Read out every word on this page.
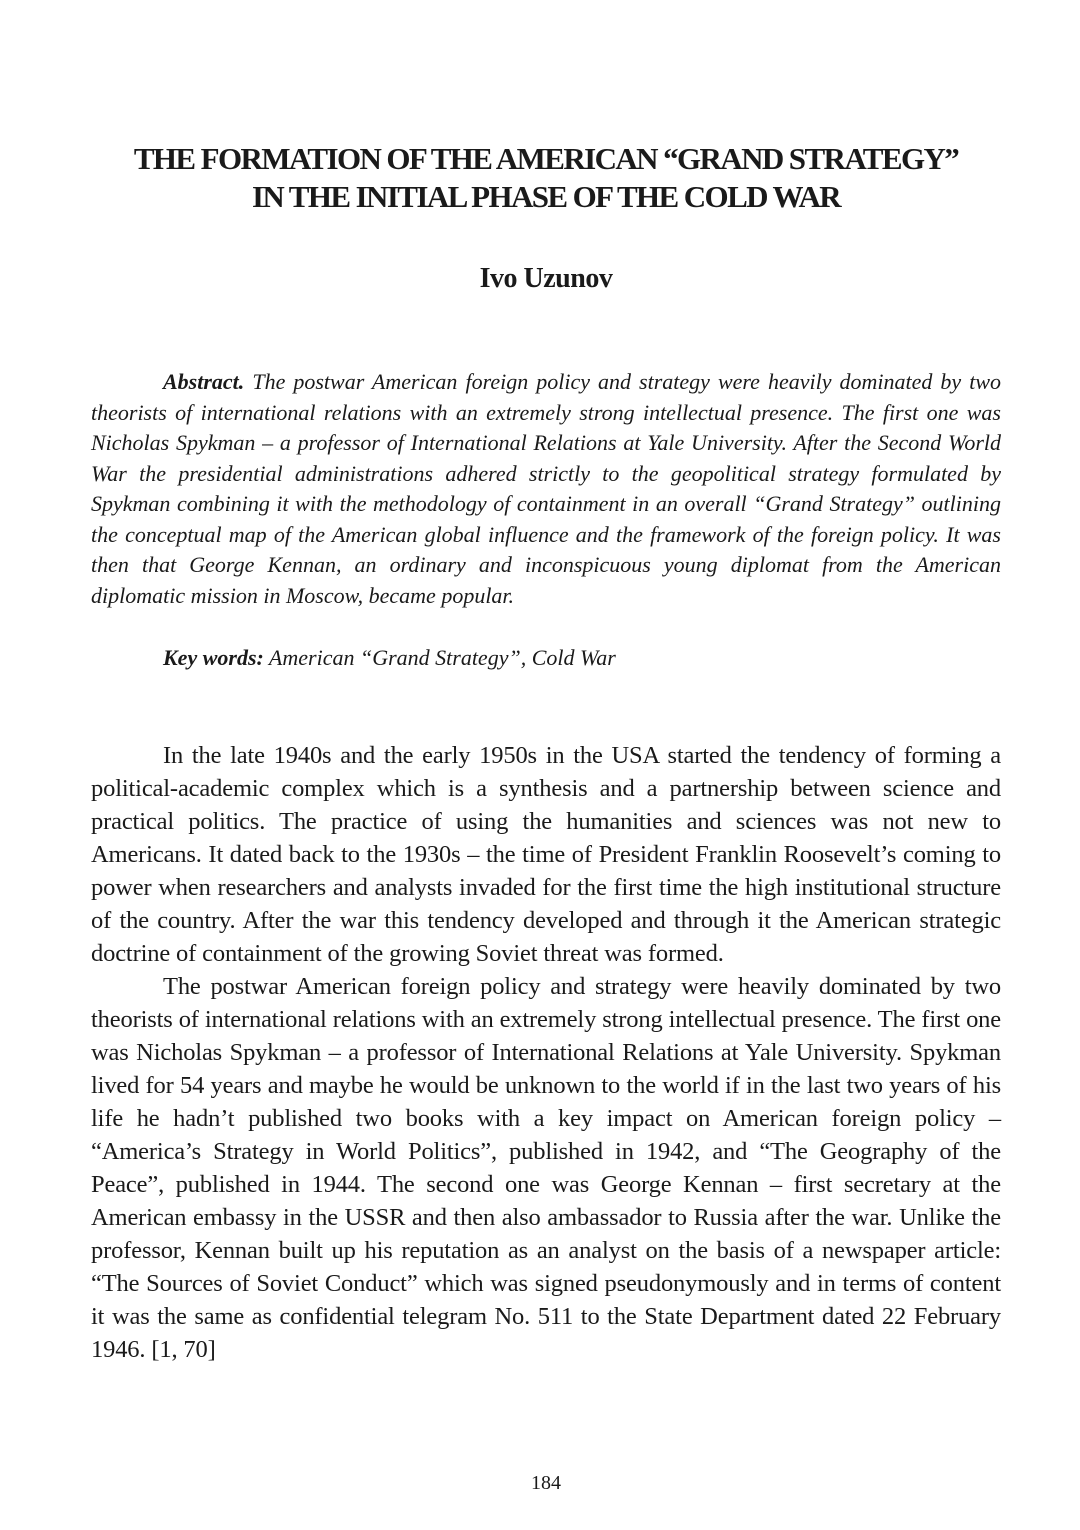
THE FORMATION OF THE AMERICAN “GRAND STRATEGY”
IN THE INITIAL PHASE OF THE COLD WAR

Ivo Uzunov

Abstract. The postwar American foreign policy and strategy were heavily dominated by two theorists of international relations with an extremely strong intellectual presence. The first one was Nicholas Spykman – a professor of International Relations at Yale University. After the Second World War the presidential administrations adhered strictly to the geopolitical strategy formulated by Spykman combining it with the methodology of containment in an overall “Grand Strategy” outlining the conceptual map of the American global influence and the framework of the foreign policy. It was then that George Kennan, an ordinary and inconspicuous young diplomat from the American diplomatic mission in Moscow, became popular.

Key words: American “Grand Strategy”, Cold War

In the late 1940s and the early 1950s in the USA started the tendency of forming a political-academic complex which is a synthesis and a partnership between science and practical politics. The practice of using the humanities and sciences was not new to Americans. It dated back to the 1930s – the time of President Franklin Roosevelt’s coming to power when researchers and analysts invaded for the first time the high institutional structure of the country. After the war this tendency developed and through it the American strategic doctrine of containment of the growing Soviet threat was formed.

The postwar American foreign policy and strategy were heavily dominated by two theorists of international relations with an extremely strong intellectual presence. The first one was Nicholas Spykman – a professor of International Relations at Yale University. Spykman lived for 54 years and maybe he would be unknown to the world if in the last two years of his life he hadn’t published two books with a key impact on American foreign policy – “America’s Strategy in World Politics”, published in 1942, and “The Geography of the Peace”, published in 1944. The second one was George Kennan – first secretary at the American embassy in the USSR and then also ambassador to Russia after the war. Unlike the professor, Kennan built up his reputation as an analyst on the basis of a newspaper article: “The Sources of Soviet Conduct” which was signed pseudonymously and in terms of content it was the same as confidential telegram No. 511 to the State Department dated 22 February 1946. [1, 70]

184
